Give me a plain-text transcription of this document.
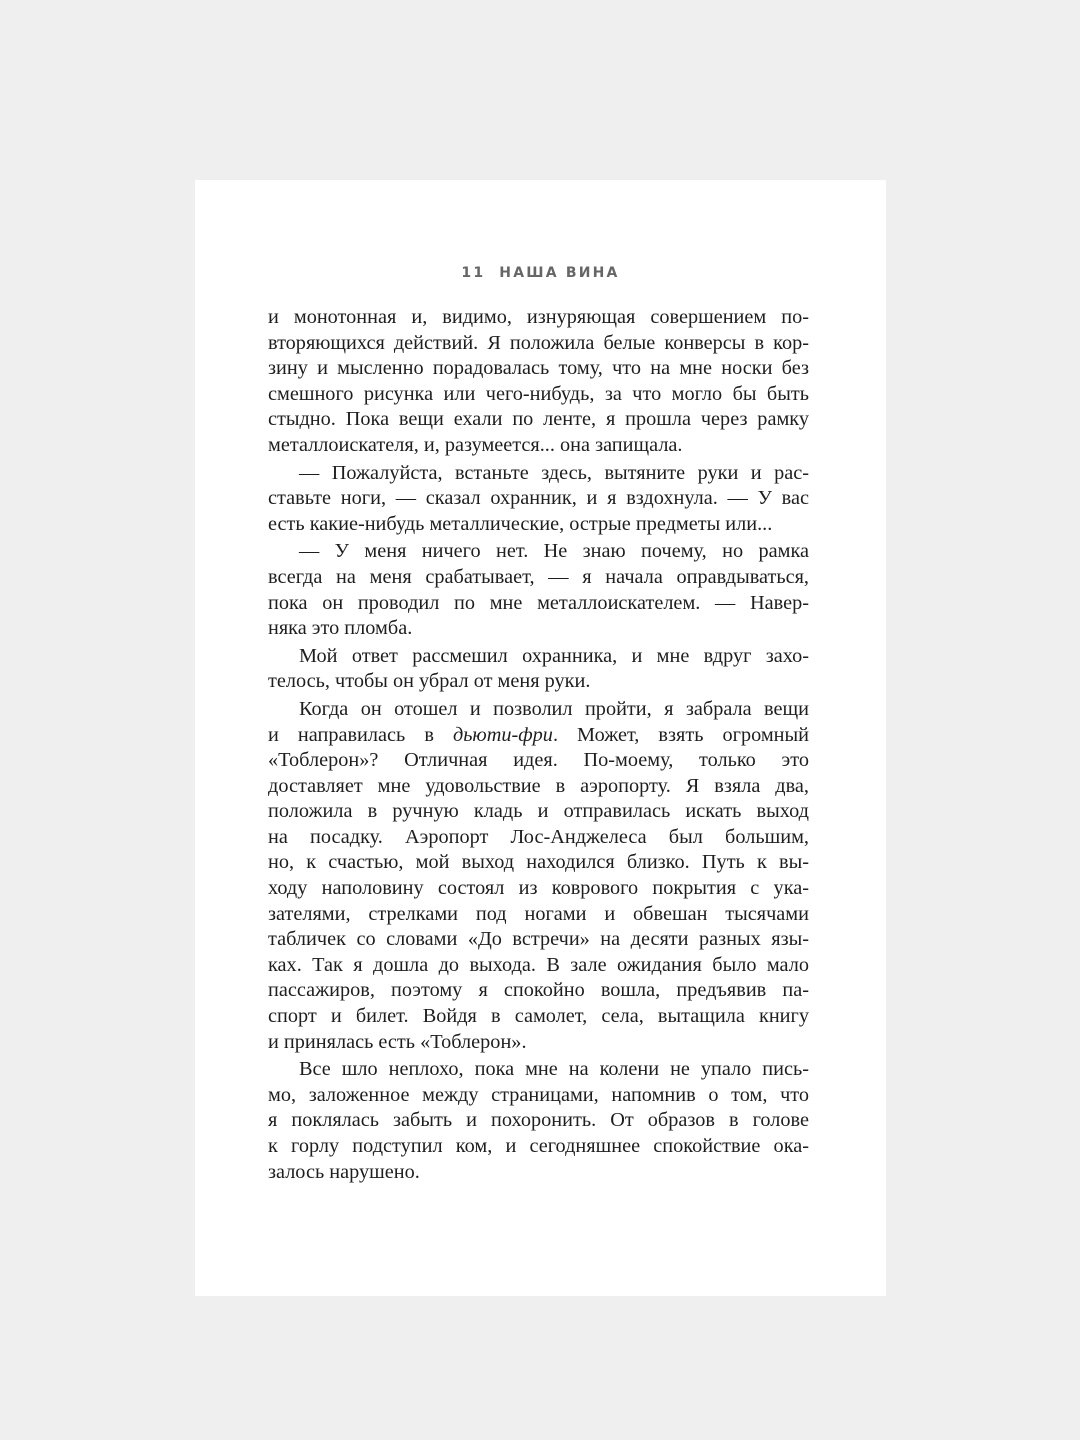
11 НАША ВИНА
и монотонная и, видимо, изнуряющая совершением по-
вторяющихся действий. Я положила белые конверсы в кор-
зину и мысленно порадовалась тому, что на мне носки без
смешного рисунка или чего-нибудь, за что могло бы быть
стыдно. Пока вещи ехали по ленте, я прошла через рамку
металлоискателя, и, разумеется... она запищала.
— Пожалуйста, встаньте здесь, вытяните руки и рас-
ставьте ноги, — сказал охранник, и я вздохнула. — У вас
есть какие-нибудь металлические, острые предметы или...
— У меня ничего нет. Не знаю почему, но рамка
всегда на меня срабатывает, — я начала оправдываться,
пока он проводил по мне металлоискателем. — Навер-
няка это пломба.
Мой ответ рассмешил охранника, и мне вдруг захо-
телось, чтобы он убрал от меня руки.
Когда он отошел и позволил пройти, я забрала вещи
и направилась в дьюти-фри. Может, взять огромный
«Тоблерон»? Отличная идея. По-моему, только это
доставляет мне удовольствие в аэропорту. Я взяла два,
положила в ручную кладь и отправилась искать выход
на посадку. Аэропорт Лос-Анджелеса был большим,
но, к счастью, мой выход находился близко. Путь к вы-
ходу наполовину состоял из коврового покрытия с ука-
зателями, стрелками под ногами и обвешан тысячами
табличек со словами «До встречи» на десяти разных язы-
ках. Так я дошла до выхода. В зале ожидания было мало
пассажиров, поэтому я спокойно вошла, предъявив па-
спорт и билет. Войдя в самолет, села, вытащила книгу
и принялась есть «Тоблерон».
Все шло неплохо, пока мне на колени не упало пись-
мо, заложенное между страницами, напомнив о том, что
я поклялась забыть и похоронить. От образов в голове
к горлу подступил ком, и сегодняшнее спокойствие ока-
залось нарушено.
